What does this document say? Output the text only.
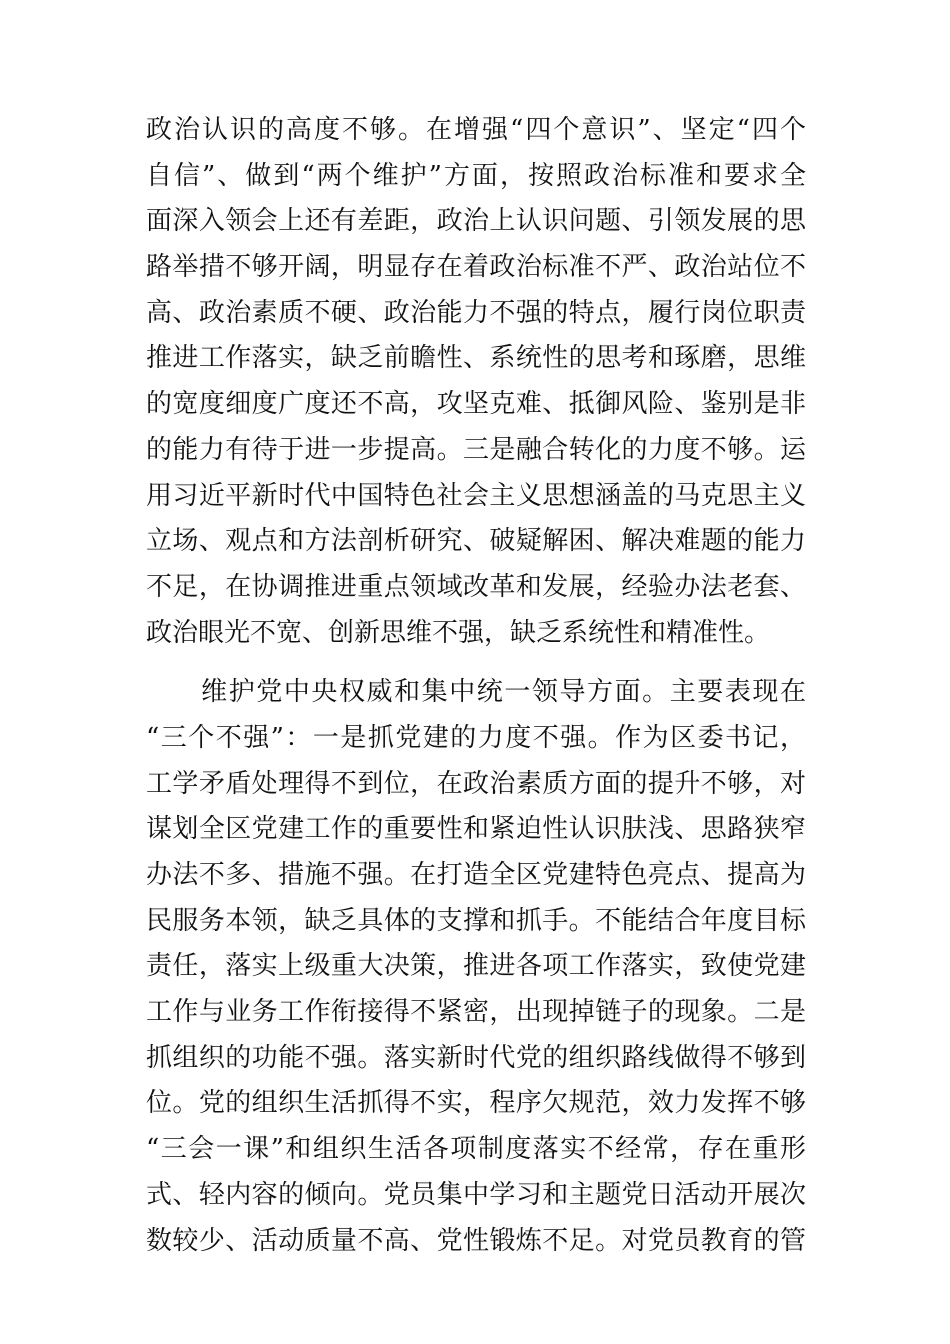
政治认识的高度不够。在增强“四个意识”、坚定“四个
自信”、做到“两个维护”方面，按照政治标准和要求全
面深入领会上还有差距，政治上认识问题、引领发展的思
路举措不够开阔，明显存在着政治标准不严、政治站位不
高、政治素质不硬、政治能力不强的特点，履行岗位职责
推进工作落实，缺乏前瞻性、系统性的思考和琢磨，思维
的宽度细度广度还不高，攻坚克难、抵御风险、鉴别是非
的能力有待于进一步提高。三是融合转化的力度不够。运
用习近平新时代中国特色社会主义思想涵盖的马克思主义
立场、观点和方法剖析研究、破疑解困、解决难题的能力
不足，在协调推进重点领域改革和发展，经验办法老套、
政治眼光不宽、创新思维不强，缺乏系统性和精准性。
　　维护党中央权威和集中统一领导方面。主要表现在
“三个不强”：一是抓党建的力度不强。作为区委书记，
工学矛盾处理得不到位，在政治素质方面的提升不够，对
谋划全区党建工作的重要性和紧迫性认识肤浅、思路狭窄
办法不多、措施不强。在打造全区党建特色亮点、提高为
民服务本领，缺乏具体的支撑和抓手。不能结合年度目标
责任，落实上级重大决策，推进各项工作落实，致使党建
工作与业务工作衔接得不紧密，出现掉链子的现象。二是
抓组织的功能不强。落实新时代党的组织路线做得不够到
位。党的组织生活抓得不实，程序欠规范，效力发挥不够
“三会一课”和组织生活各项制度落实不经常，存在重形
式、轻内容的倾向。党员集中学习和主题党日活动开展次
数较少、活动质量不高、党性锻炼不足。对党员教育的管
